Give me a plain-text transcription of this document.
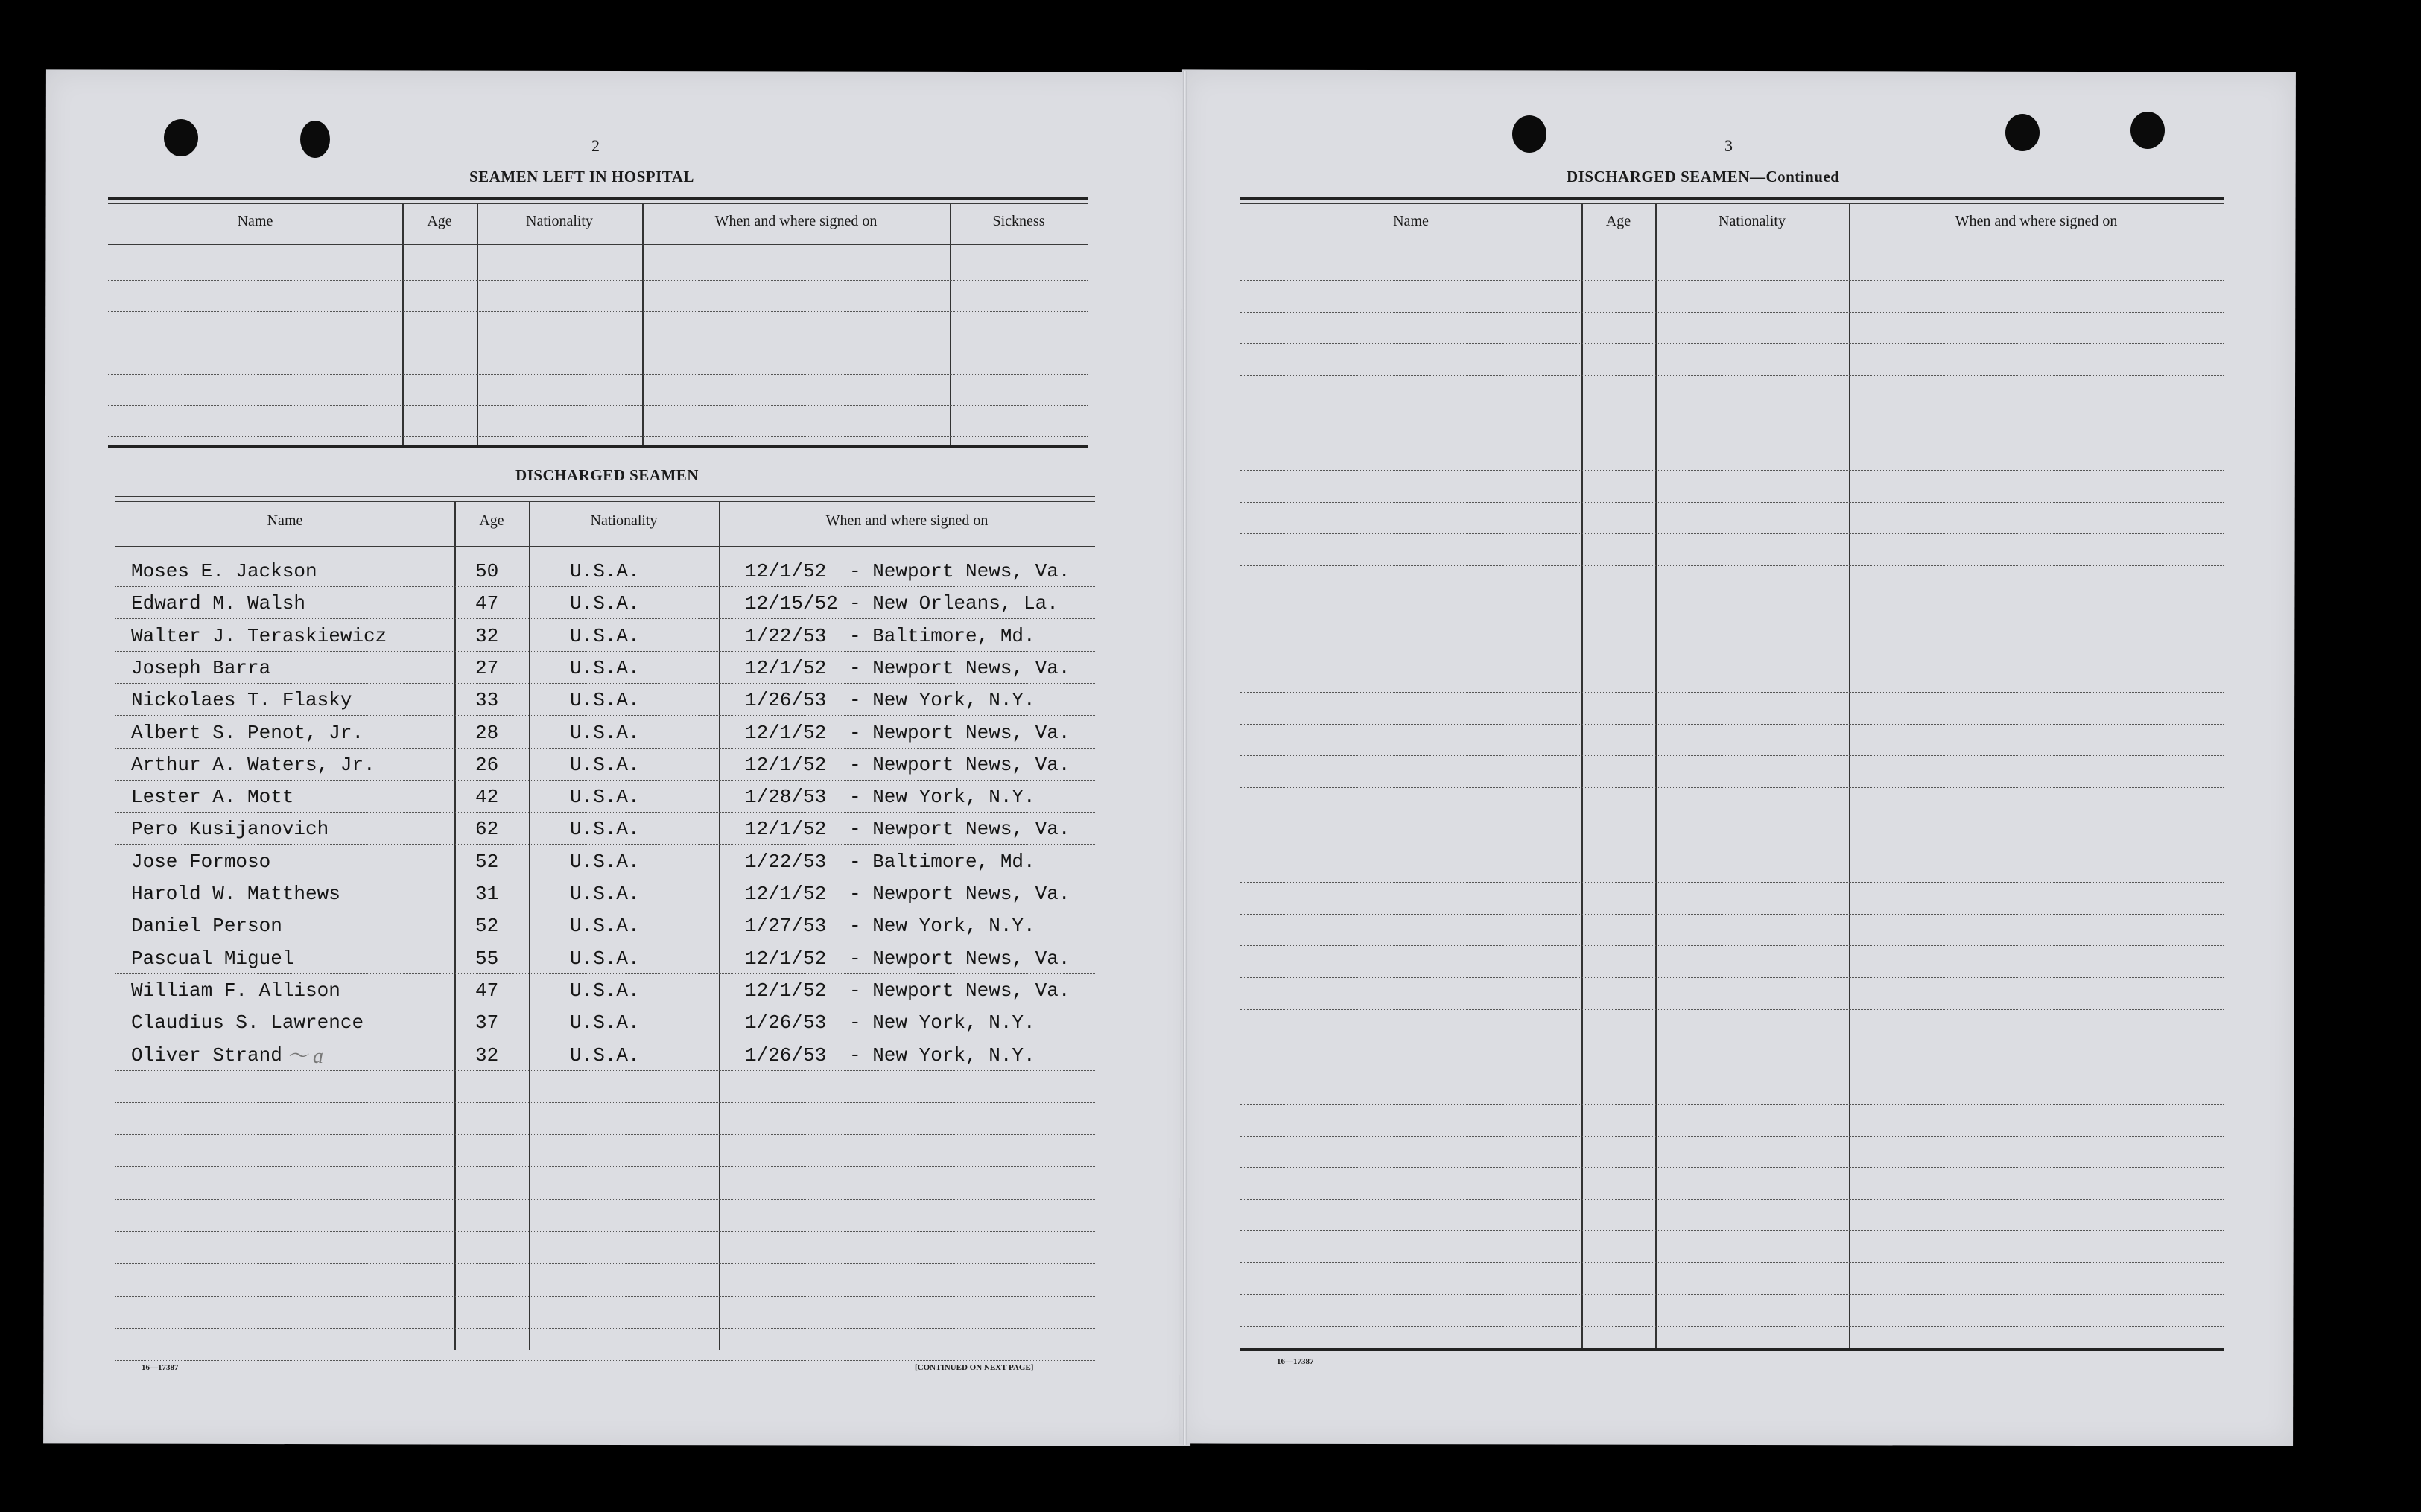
2
SEAMEN LEFT IN HOSPITAL
Name	Age	Nationality	When and where signed on	Sickness
DISCHARGED SEAMEN
Name	Age	Nationality	When and where signed on
Moses E. Jackson	50	U.S.A.	12/1/52 - Newport News, Va.
Edward M. Walsh	47	U.S.A.	12/15/52 - New Orleans, La.
Walter J. Teraskiewicz	32	U.S.A.	1/22/53 - Baltimore, Md.
Joseph Barra	27	U.S.A.	12/1/52 - Newport News, Va.
Nickolaes T. Flasky	33	U.S.A.	1/26/53 - New York, N.Y.
Albert S. Penot, Jr.	28	U.S.A.	12/1/52 - Newport News, Va.
Arthur A. Waters, Jr.	26	U.S.A.	12/1/52 - Newport News, Va.
Lester A. Mott	42	U.S.A.	1/28/53 - New York, N.Y.
Pero Kusijanovich	62	U.S.A.	12/1/52 - Newport News, Va.
Jose Formoso	52	U.S.A.	1/22/53 - Baltimore, Md.
Harold W. Matthews	31	U.S.A.	12/1/52 - Newport News, Va.
Daniel Person	52	U.S.A.	1/27/53 - New York, N.Y.
Pascual Miguel	55	U.S.A.	12/1/52 - Newport News, Va.
William F. Allison	47	U.S.A.	12/1/52 - Newport News, Va.
Claudius S. Lawrence	37	U.S.A.	1/26/53 - New York, N.Y.
Oliver Strand	32	U.S.A.	1/26/53 - New York, N.Y.
〜 a
16—17387	[CONTINUED ON NEXT PAGE]
3
DISCHARGED SEAMEN—Continued
Name	Age	Nationality	When and where signed on
16—17387
